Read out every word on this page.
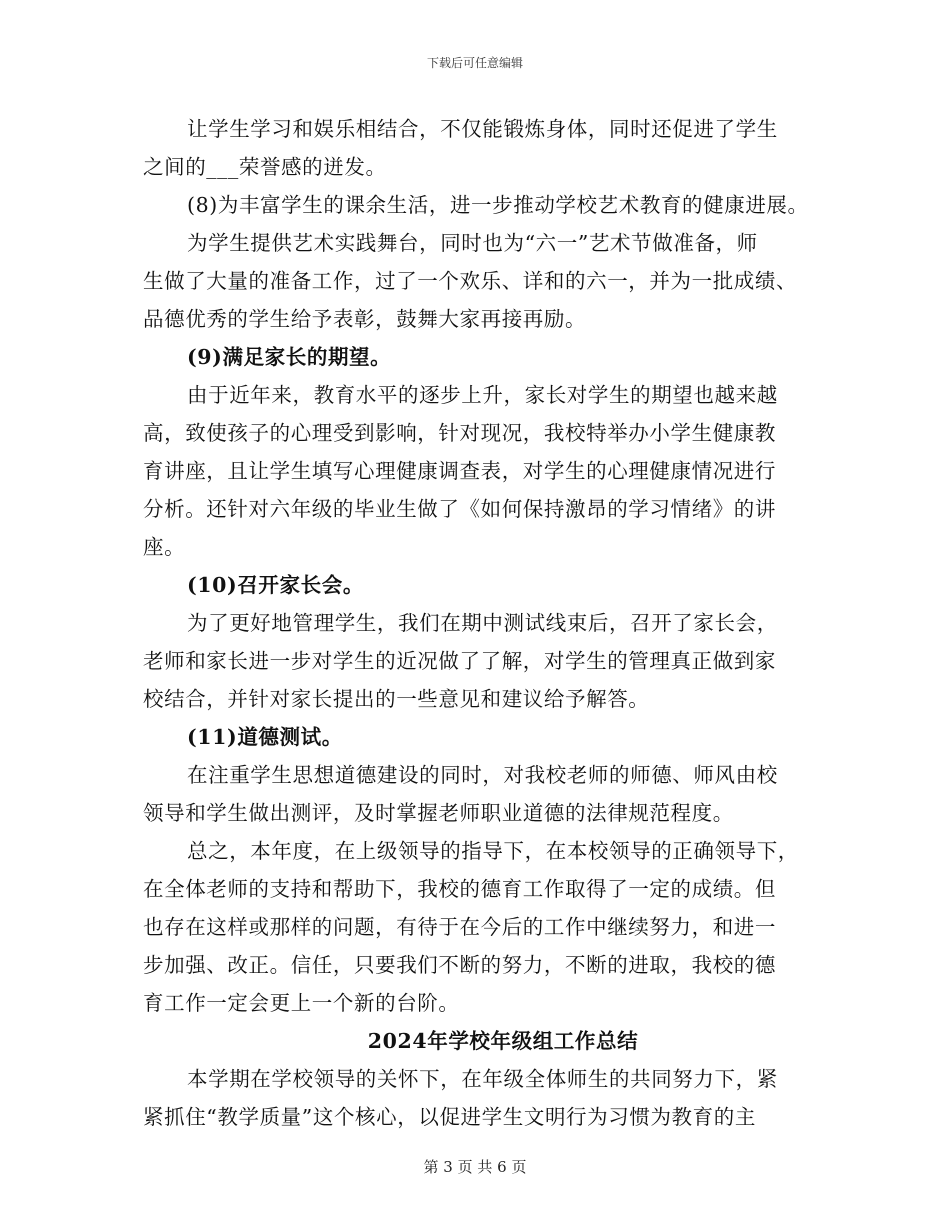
下载后可任意编辑
让学生学习和娱乐相结合，不仅能锻炼身体，同时还促进了学生
之间的___荣誉感的迸发。
(8)为丰富学生的课余生活，进一步推动学校艺术教育的健康进展。
为学生提供艺术实践舞台，同时也为“六一”艺术节做准备，师
生做了大量的准备工作，过了一个欢乐、详和的六一，并为一批成绩、
品德优秀的学生给予表彰，鼓舞大家再接再励。
(9)满足家长的期望。
由于近年来，教育水平的逐步上升，家长对学生的期望也越来越
高，致使孩子的心理受到影响，针对现况，我校特举办小学生健康教
育讲座，且让学生填写心理健康调查表，对学生的心理健康情况进行
分析。还针对六年级的毕业生做了《如何保持激昂的学习情绪》的讲
座。
(10)召开家长会。
为了更好地管理学生，我们在期中测试线束后，召开了家长会，
老师和家长进一步对学生的近况做了了解，对学生的管理真正做到家
校结合，并针对家长提出的一些意见和建议给予解答。
(11)道德测试。
在注重学生思想道德建设的同时，对我校老师的师德、师风由校
领导和学生做出测评，及时掌握老师职业道德的法律规范程度。
总之，本年度，在上级领导的指导下，在本校领导的正确领导下，
在全体老师的支持和帮助下，我校的德育工作取得了一定的成绩。但
也存在这样或那样的问题，有待于在今后的工作中继续努力，和进一
步加强、改正。信任，只要我们不断的努力，不断的进取，我校的德
育工作一定会更上一个新的台阶。
2024年学校年级组工作总结
本学期在学校领导的关怀下，在年级全体师生的共同努力下，紧
紧抓住“教学质量”这个核心，以促进学生文明行为习惯为教育的主
第 3 页 共 6 页
